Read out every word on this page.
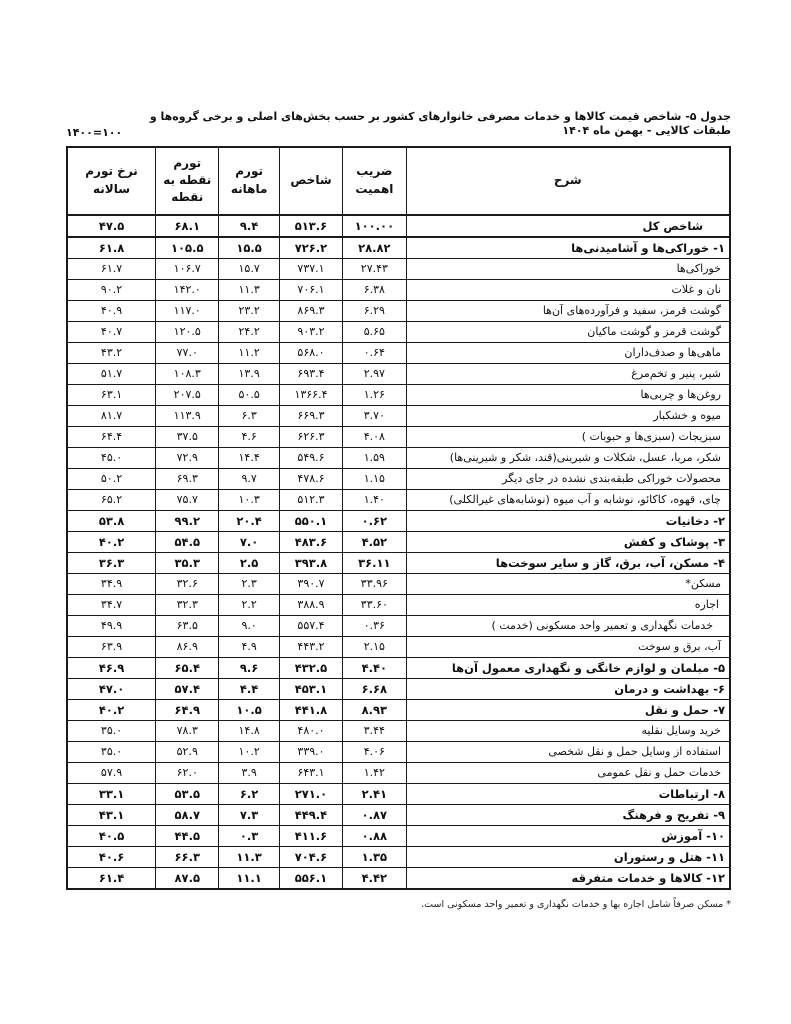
جدول ۵- شاخص قیمت کالاها و خدمات مصرفی خانوارهای کشور بر حسب بخش‌های اصلی و برخی گروه‌ها و طبقات کالایی - بهمن ماه ۱۴۰۴
۱۴۰۰=۱۰۰
شرح	ضریب اهمیت	شاخص	تورم ماهانه	تورم نقطه به نقطه	نرخ تورم سالانه
شاخص کل	۱۰۰.۰۰	۵۱۳.۶	۹.۴	۶۸.۱	۴۷.۵
۱- خوراکی‌ها و آشامیدنی‌ها	۲۸.۸۲	۷۲۶.۲	۱۵.۵	۱۰۵.۵	۶۱.۸
خوراکی‌ها	۲۷.۴۳	۷۳۷.۱	۱۵.۷	۱۰۶.۷	۶۱.۷
نان و غلات	۶.۳۸	۷۰۶.۱	۱۱.۳	۱۴۲.۰	۹۰.۲
گوشت قرمز، سفید و فرآورده‌های آن‌ها	۶.۲۹	۸۶۹.۳	۲۳.۲	۱۱۷.۰	۴۰.۹
گوشت قرمز و گوشت ماکیان	۵.۶۵	۹۰۳.۲	۲۴.۲	۱۲۰.۵	۴۰.۷
ماهی‌ها و صدف‌داران	۰.۶۴	۵۶۸.۰	۱۱.۲	۷۷.۰	۴۳.۲
شیر، پنیر و تخم‌مرغ	۲.۹۷	۶۹۳.۴	۱۳.۹	۱۰۸.۳	۵۱.۷
روغن‌ها و چربی‌ها	۱.۲۶	۱۳۶۶.۴	۵۰.۵	۲۰۷.۵	۶۳.۱
میوه و خشکبار	۳.۷۰	۶۶۹.۳	۶.۳	۱۱۳.۹	۸۱.۷
سبزیجات (سبزی‌ها و حبوبات )	۴.۰۸	۶۲۶.۳	۴.۶	۳۷.۵	۶۴.۴
شکر، مربا، عسل، شکلات و شیرینی(قند، شکر و شیرینی‌ها)	۱.۵۹	۵۴۹.۶	۱۴.۴	۷۲.۹	۴۵.۰
محصولات خوراکی طبقه‌بندی نشده در جای دیگر	۱.۱۵	۴۷۸.۶	۹.۷	۶۹.۳	۵۰.۲
چای، قهوه، کاکائو، نوشابه و آب میوه (نوشابه‌های غیرالکلی)	۱.۴۰	۵۱۲.۳	۱۰.۳	۷۵.۷	۶۵.۲
۲- دخانیات	۰.۶۲	۵۵۰.۱	۲۰.۴	۹۹.۲	۵۳.۸
۳- پوشاک و کفش	۴.۵۲	۴۸۳.۶	۷.۰	۵۴.۵	۴۰.۲
۴- مسکن، آب، برق، گاز و سایر سوخت‌ها	۳۶.۱۱	۳۹۳.۸	۲.۵	۳۵.۳	۳۶.۳
مسکن*	۳۳.۹۶	۳۹۰.۷	۲.۳	۳۲.۶	۳۴.۹
اجاره	۳۳.۶۰	۳۸۸.۹	۲.۲	۳۲.۳	۳۴.۷
خدمات نگهداری و تعمیر واحد مسکونی (خدمت )	۰.۳۶	۵۵۷.۴	۹.۰	۶۳.۵	۴۹.۹
آب، برق و سوخت	۲.۱۵	۴۴۳.۲	۴.۹	۸۶.۹	۶۳.۹
۵- مبلمان و لوازم خانگی و نگهداری معمول آن‌ها	۴.۴۰	۴۳۲.۵	۹.۶	۶۵.۴	۴۶.۹
۶- بهداشت و درمان	۶.۶۸	۴۵۳.۱	۴.۴	۵۷.۴	۴۷.۰
۷- حمل و نقل	۸.۹۳	۴۴۱.۸	۱۰.۵	۶۴.۹	۴۰.۲
خرید وسایل نقلیه	۳.۴۴	۴۸۰.۰	۱۴.۸	۷۸.۳	۳۵.۰
استفاده از وسایل حمل و نقل شخصی	۴.۰۶	۳۳۹.۰	۱۰.۲	۵۲.۹	۳۵.۰
خدمات حمل و نقل عمومی	۱.۴۲	۶۴۳.۱	۳.۹	۶۲.۰	۵۷.۹
۸- ارتباطات	۲.۴۱	۲۷۱.۰	۶.۲	۵۳.۵	۳۳.۱
۹- تفریح و فرهنگ	۰.۸۷	۴۴۹.۴	۷.۳	۵۸.۷	۴۳.۱
۱۰- آموزش	۰.۸۸	۴۱۱.۶	۰.۳	۴۴.۵	۴۰.۵
۱۱- هتل و رستوران	۱.۳۵	۷۰۴.۶	۱۱.۳	۶۶.۳	۴۰.۶
۱۲- کالاها و خدمات متفرقه	۴.۴۲	۵۵۶.۱	۱۱.۱	۸۷.۵	۶۱.۴
* مسکن صرفاً شامل اجاره بها و خدمات نگهداری و تعمیر واحد مسکونی است.
